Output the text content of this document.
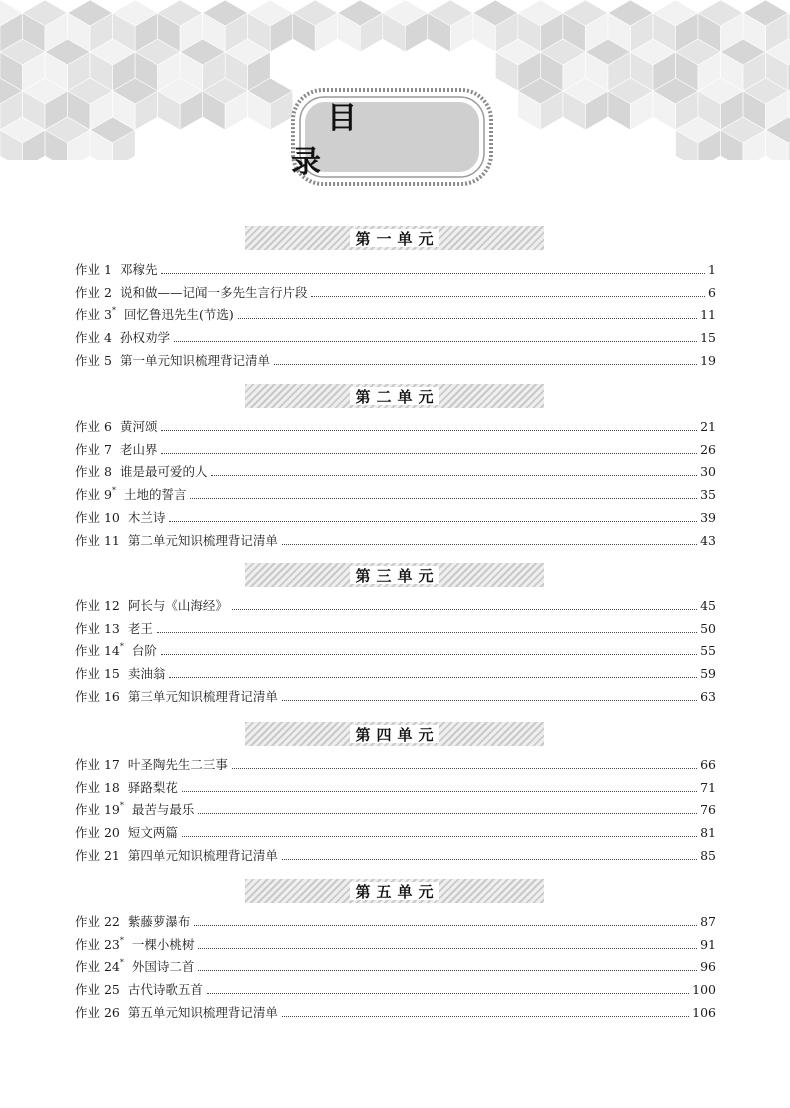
目 录
第一单元
作业 1 邓稼先	1
作业 2 说和做——记闻一多先生言行片段	6
作业 3* 回忆鲁迅先生(节选)	11
作业 4 孙权劝学	15
作业 5 第一单元知识梳理背记清单	19
第二单元
作业 6 黄河颂	21
作业 7 老山界	26
作业 8 谁是最可爱的人	30
作业 9* 土地的誓言	35
作业 10 木兰诗	39
作业 11 第二单元知识梳理背记清单	43
第三单元
作业 12 阿长与《山海经》	45
作业 13 老王	50
作业 14* 台阶	55
作业 15 卖油翁	59
作业 16 第三单元知识梳理背记清单	63
第四单元
作业 17 叶圣陶先生二三事	66
作业 18 驿路梨花	71
作业 19* 最苦与最乐	76
作业 20 短文两篇	81
作业 21 第四单元知识梳理背记清单	85
第五单元
作业 22 紫藤萝瀑布	87
作业 23* 一棵小桃树	91
作业 24* 外国诗二首	96
作业 25 古代诗歌五首	100
作业 26 第五单元知识梳理背记清单	106
